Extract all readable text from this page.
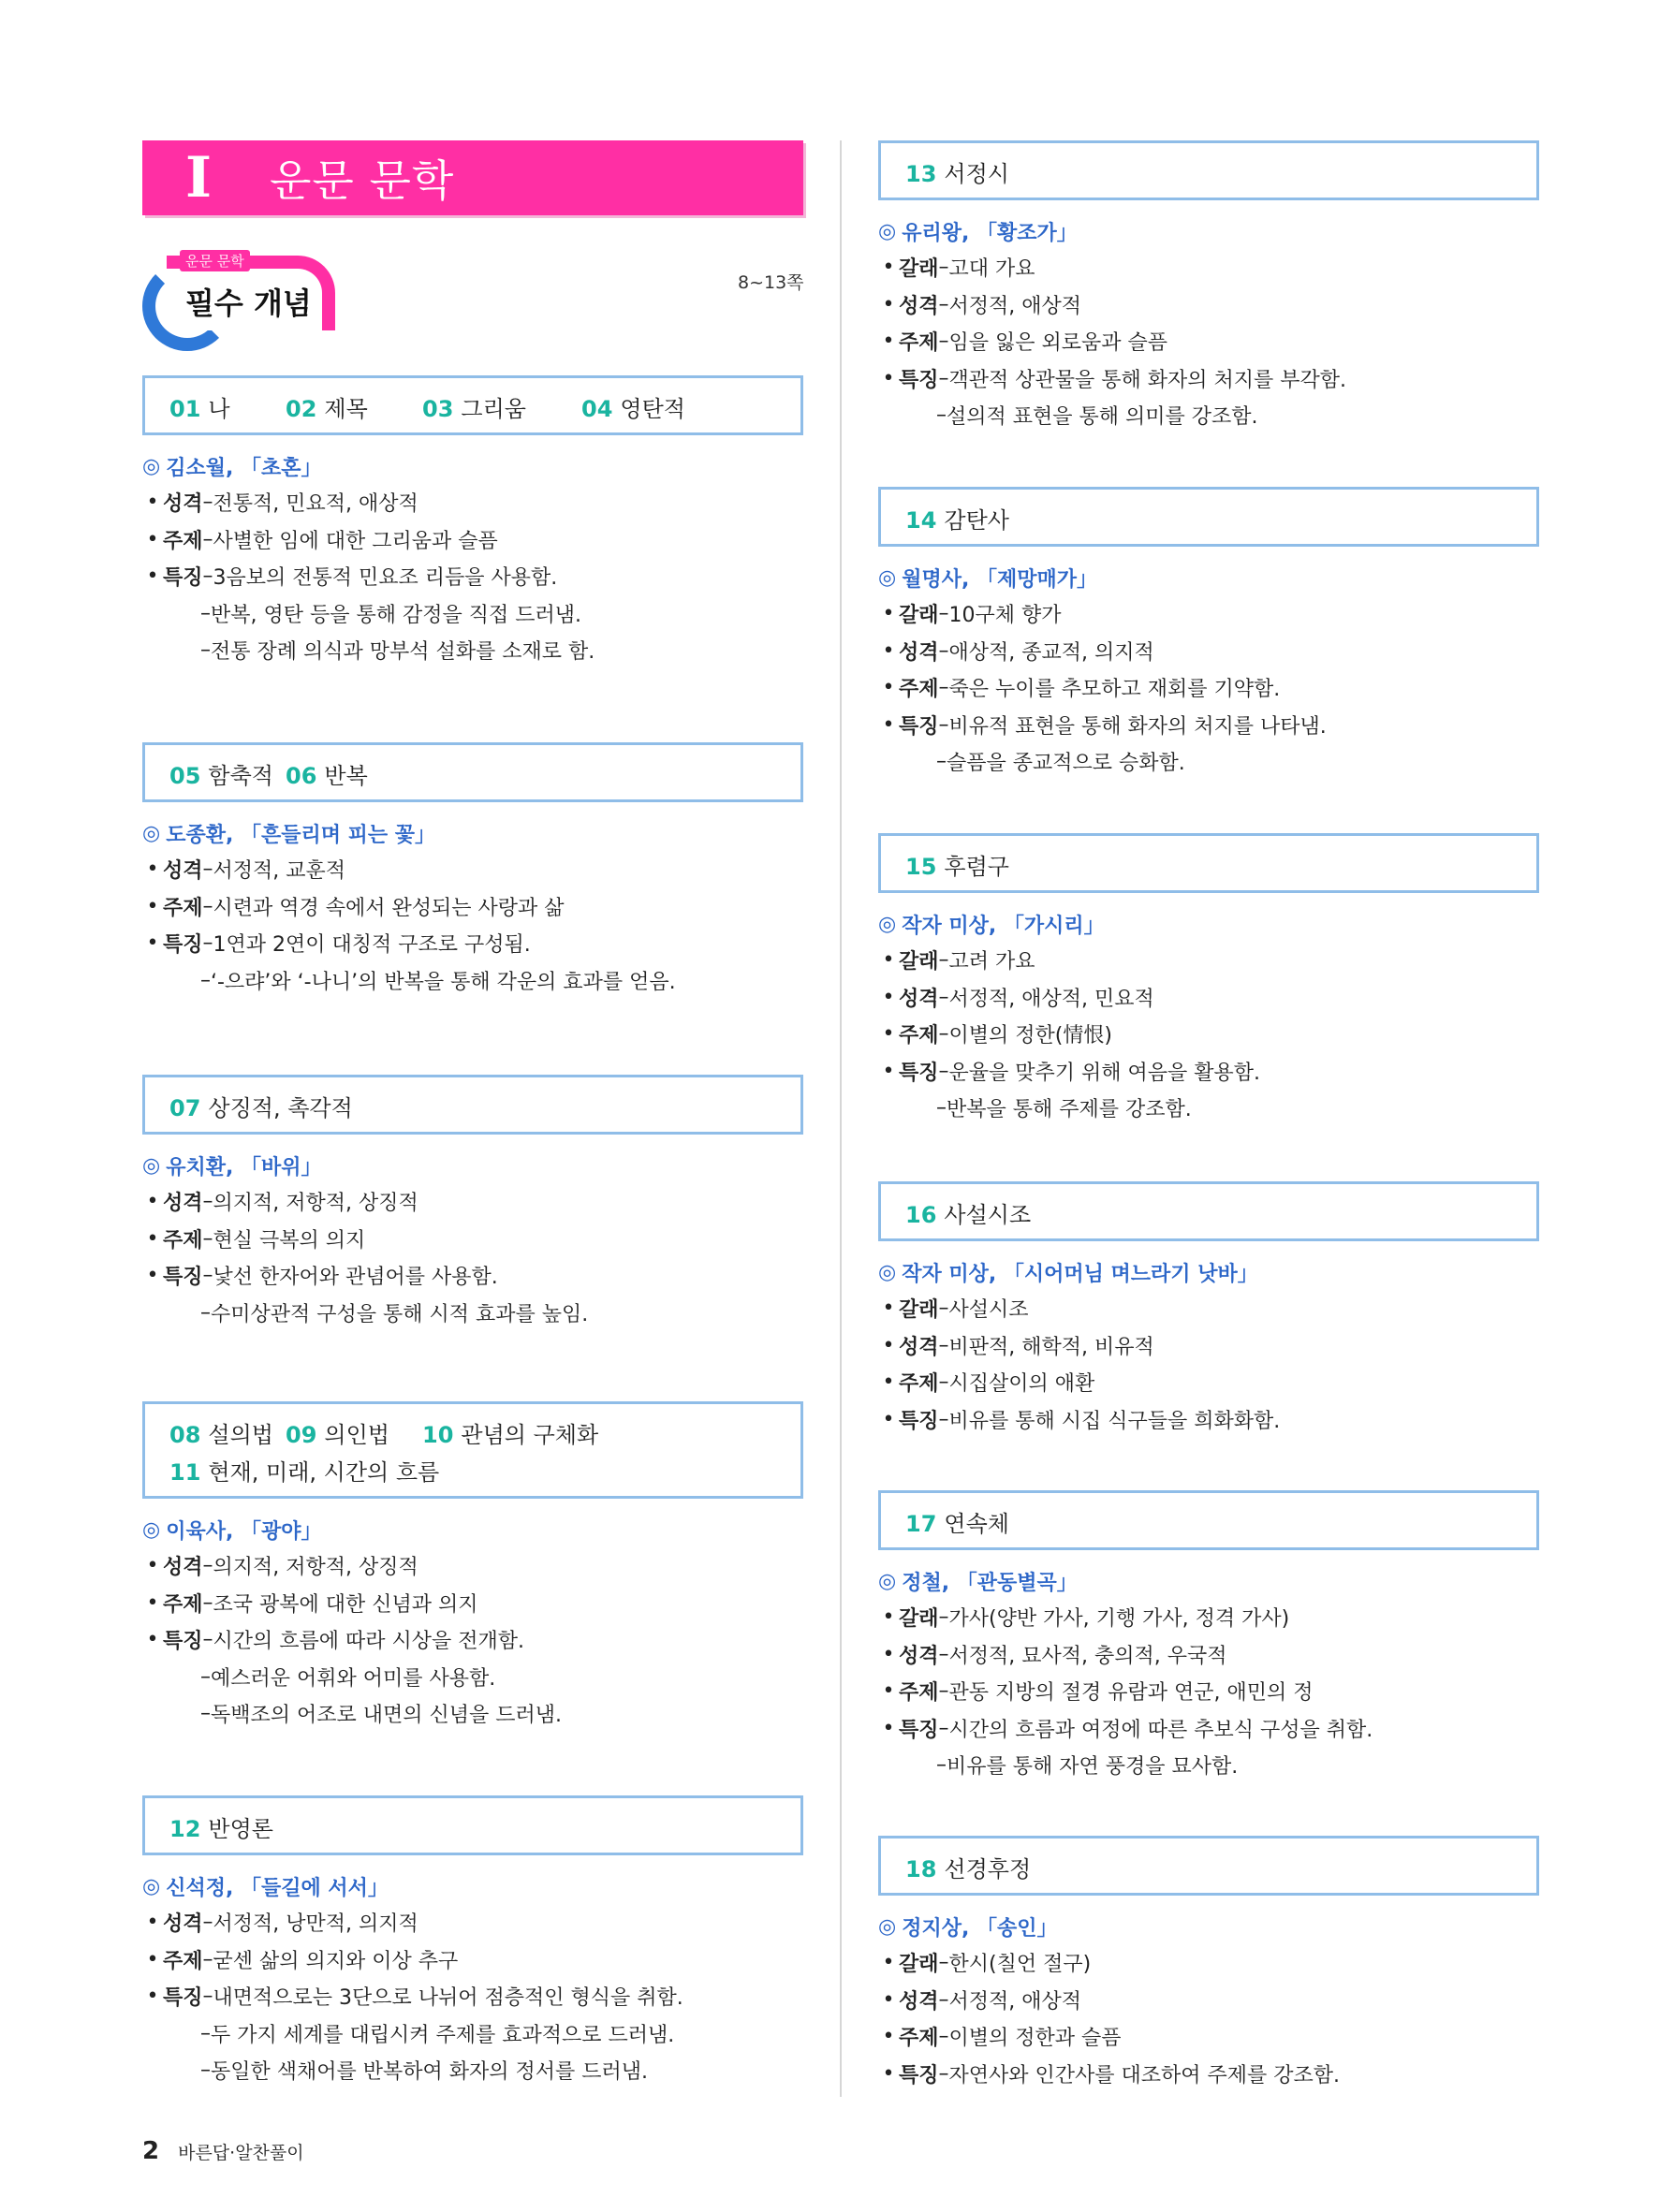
I	운문 문학
운문 문학
필수 개념
8~13쪽
01 나 02 제목 03 그리움 04 영탄적
◎ 김소월, 「초혼」
• 성격 – 전통적, 민요적, 애상적
• 주제 – 사별한 임에 대한 그리움과 슬픔
• 특징 – 3음보의 전통적 민요조 리듬을 사용함.
– 반복, 영탄 등을 통해 감정을 직접 드러냄.
– 전통 장례 의식과 망부석 설화를 소재로 함.
05 함축적 06 반복
◎ 도종환, 「흔들리며 피는 꽃」
• 성격 – 서정적, 교훈적
• 주제 – 시련과 역경 속에서 완성되는 사랑과 삶
• 특징 – 1연과 2연이 대칭적 구조로 구성됨.
– ‘-으랴’와 ‘-나니’의 반복을 통해 각운의 효과를 얻음.
07 상징적, 촉각적
◎ 유치환, 「바위」
• 성격 – 의지적, 저항적, 상징적
• 주제 – 현실 극복의 의지
• 특징 – 낯선 한자어와 관념어를 사용함.
– 수미상관적 구성을 통해 시적 효과를 높임.
08 설의법 09 의인법 10 관념의 구체화
11 현재, 미래, 시간의 흐름
◎ 이육사, 「광야」
• 성격 – 의지적, 저항적, 상징적
• 주제 – 조국 광복에 대한 신념과 의지
• 특징 – 시간의 흐름에 따라 시상을 전개함.
– 예스러운 어휘와 어미를 사용함.
– 독백조의 어조로 내면의 신념을 드러냄.
12 반영론
◎ 신석정, 「들길에 서서」
• 성격 – 서정적, 낭만적, 의지적
• 주제 – 굳센 삶의 의지와 이상 추구
• 특징 – 내면적으로는 3단으로 나뉘어 점층적인 형식을 취함.
– 두 가지 세계를 대립시켜 주제를 효과적으로 드러냄.
– 동일한 색채어를 반복하여 화자의 정서를 드러냄.
13 서정시
◎ 유리왕, 「황조가」
• 갈래 – 고대 가요
• 성격 – 서정적, 애상적
• 주제 – 임을 잃은 외로움과 슬픔
• 특징 – 객관적 상관물을 통해 화자의 처지를 부각함.
– 설의적 표현을 통해 의미를 강조함.
14 감탄사
◎ 월명사, 「제망매가」
• 갈래 – 10구체 향가
• 성격 – 애상적, 종교적, 의지적
• 주제 – 죽은 누이를 추모하고 재회를 기약함.
• 특징 – 비유적 표현을 통해 화자의 처지를 나타냄.
– 슬픔을 종교적으로 승화함.
15 후렴구
◎ 작자 미상, 「가시리」
• 갈래 – 고려 가요
• 성격 – 서정적, 애상적, 민요적
• 주제 – 이별의 정한(情恨)
• 특징 – 운율을 맞추기 위해 여음을 활용함.
– 반복을 통해 주제를 강조함.
16 사설시조
◎ 작자 미상, 「시어머님 며느라기 낫바」
• 갈래 – 사설시조
• 성격 – 비판적, 해학적, 비유적
• 주제 – 시집살이의 애환
• 특징 – 비유를 통해 시집 식구들을 희화화함.
17 연속체
◎ 정철, 「관동별곡」
• 갈래 – 가사(양반 가사, 기행 가사, 정격 가사)
• 성격 – 서정적, 묘사적, 충의적, 우국적
• 주제 – 관동 지방의 절경 유람과 연군, 애민의 정
• 특징 – 시간의 흐름과 여정에 따른 추보식 구성을 취함.
– 비유를 통해 자연 풍경을 묘사함.
18 선경후정
◎ 정지상, 「송인」
• 갈래 – 한시(칠언 절구)
• 성격 – 서정적, 애상적
• 주제 – 이별의 정한과 슬픔
• 특징 – 자연사와 인간사를 대조하여 주제를 강조함.
2 바른답·알찬풀이
